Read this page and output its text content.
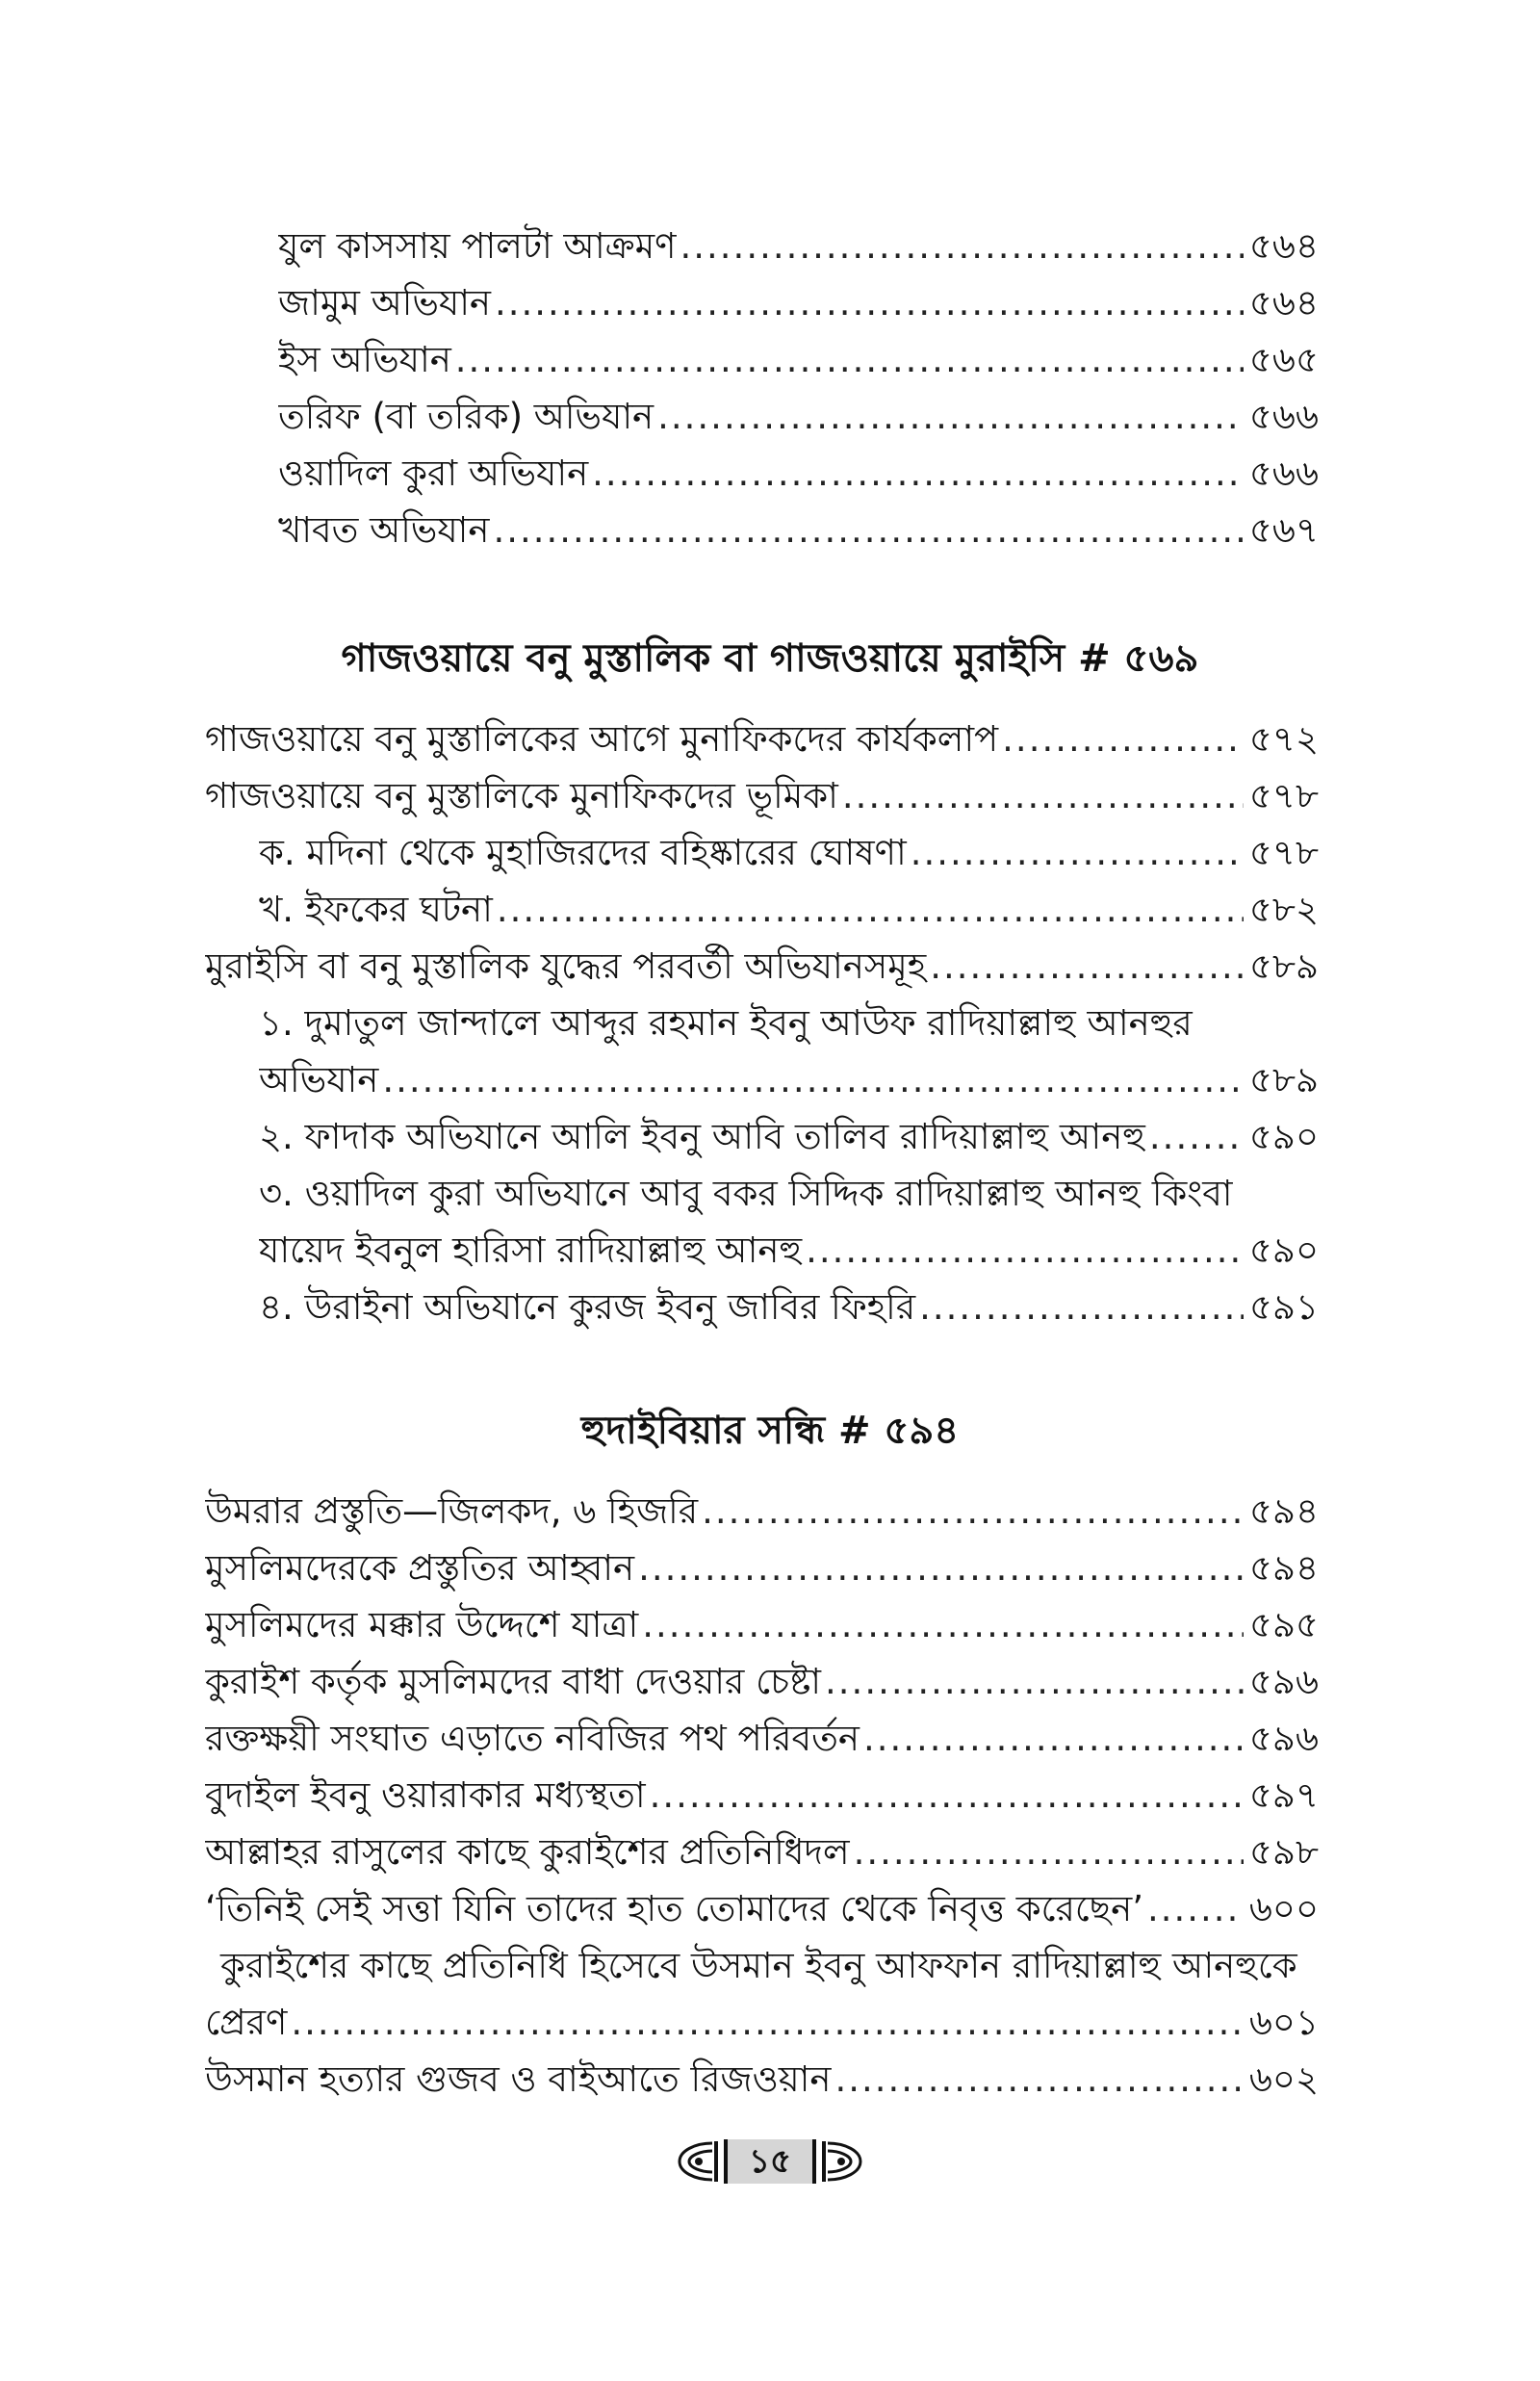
যুল কাসসায় পালটা আক্রমণ .....	৫৬৪
জামুম অভিযান .....	৫৬৪
ইস অভিযান .....	৫৬৫
তরিফ (বা তরিক) অভিযান .....	৫৬৬
ওয়াদিল কুরা অভিযান .....	৫৬৬
খাবত অভিযান .....	৫৬৭
গাজওয়ায়ে বনু মুস্তালিক বা গাজওয়ায়ে মুরাইসি # ৫৬৯
গাজওয়ায়ে বনু মুস্তালিকের আগে মুনাফিকদের কার্যকলাপ .....	৫৭২
গাজওয়ায়ে বনু মুস্তালিকে মুনাফিকদের ভূমিকা .....	৫৭৮
ক. মদিনা থেকে মুহাজিরদের বহিষ্কারের ঘোষণা .....	৫৭৮
খ. ইফকের ঘটনা .....	৫৮২
মুরাইসি বা বনু মুস্তালিক যুদ্ধের পরবর্তী অভিযানসমূহ .....	৫৮৯
১. দুমাতুল জান্দালে আব্দুর রহমান ইবনু আউফ রাদিয়াল্লাহু আনহুর
অভিযান .....	৫৮৯
২. ফাদাক অভিযানে আলি ইবনু আবি তালিব রাদিয়াল্লাহু আনহু .....	৫৯০
৩. ওয়াদিল কুরা অভিযানে আবু বকর সিদ্দিক রাদিয়াল্লাহু আনহু কিংবা
যায়েদ ইবনুল হারিসা রাদিয়াল্লাহু আনহু .....	৫৯০
৪. উরাইনা অভিযানে কুরজ ইবনু জাবির ফিহরি .....	৫৯১
হুদাইবিয়ার সন্ধি # ৫৯৪
উমরার প্রস্তুতি—জিলকদ, ৬ হিজরি .....	৫৯৪
মুসলিমদেরকে প্রস্তুতির আহ্বান .....	৫৯৪
মুসলিমদের মক্কার উদ্দেশে যাত্রা .....	৫৯৫
কুরাইশ কর্তৃক মুসলিমদের বাধা দেওয়ার চেষ্টা .....	৫৯৬
রক্তক্ষয়ী সংঘাত এড়াতে নবিজির পথ পরিবর্তন .....	৫৯৬
বুদাইল ইবনু ওয়ারাকার মধ্যস্থতা .....	৫৯৭
আল্লাহর রাসুলের কাছে কুরাইশের প্রতিনিধিদল .....	৫৯৮
‘তিনিই সেই সত্তা যিনি তাদের হাত তোমাদের থেকে নিবৃত্ত করেছেন’ .....	৬০০
কুরাইশের কাছে প্রতিনিধি হিসেবে উসমান ইবনু আফফান রাদিয়াল্লাহু আনহুকে
প্রেরণ .....	৬০১
উসমান হত্যার গুজব ও বাইআতে রিজওয়ান .....	৬০২
১৫
